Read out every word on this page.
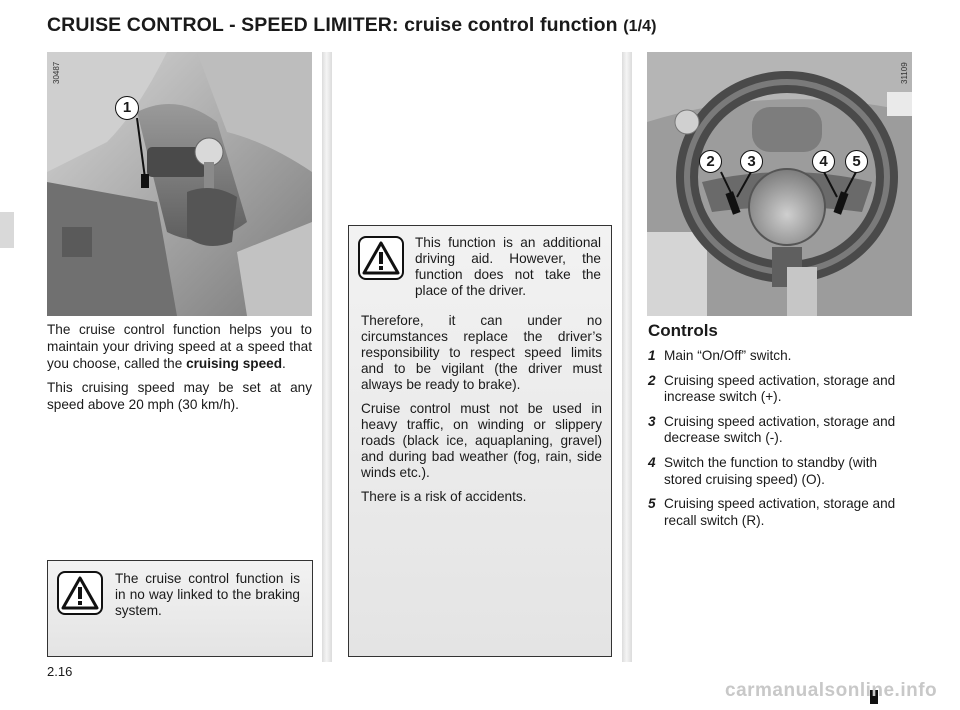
CRUISE CONTROL - SPEED LIMITER: cruise control function (1/4)
30487
1

The cruise control function helps you to maintain your driving speed at a speed that you choose, called the cruising speed.

This cruising speed may be set at any speed above 20 mph (30 km/h).

The cruise control function is in no way linked to the braking system.
This function is an additional driving aid. However, the function does not take the place of the driver.

Therefore, it can under no circumstances replace the driver’s responsibility to respect speed limits and to be vigilant (the driver must always be ready to brake).

Cruise control must not be used in heavy traffic, on winding or slippery roads (black ice, aquaplaning, gravel) and during bad weather (fog, rain, side winds etc.).

There is a risk of accidents.

31109
2	3	4	5
Controls
1 Main “On/Off” switch.
2 Cruising speed activation, storage and increase switch (+).
3 Cruising speed activation, storage and decrease switch (-).
4 Switch the function to standby (with stored cruising speed) (O).
5 Cruising speed activation, storage and recall switch (R).
2.16
carmanualsonline.info
